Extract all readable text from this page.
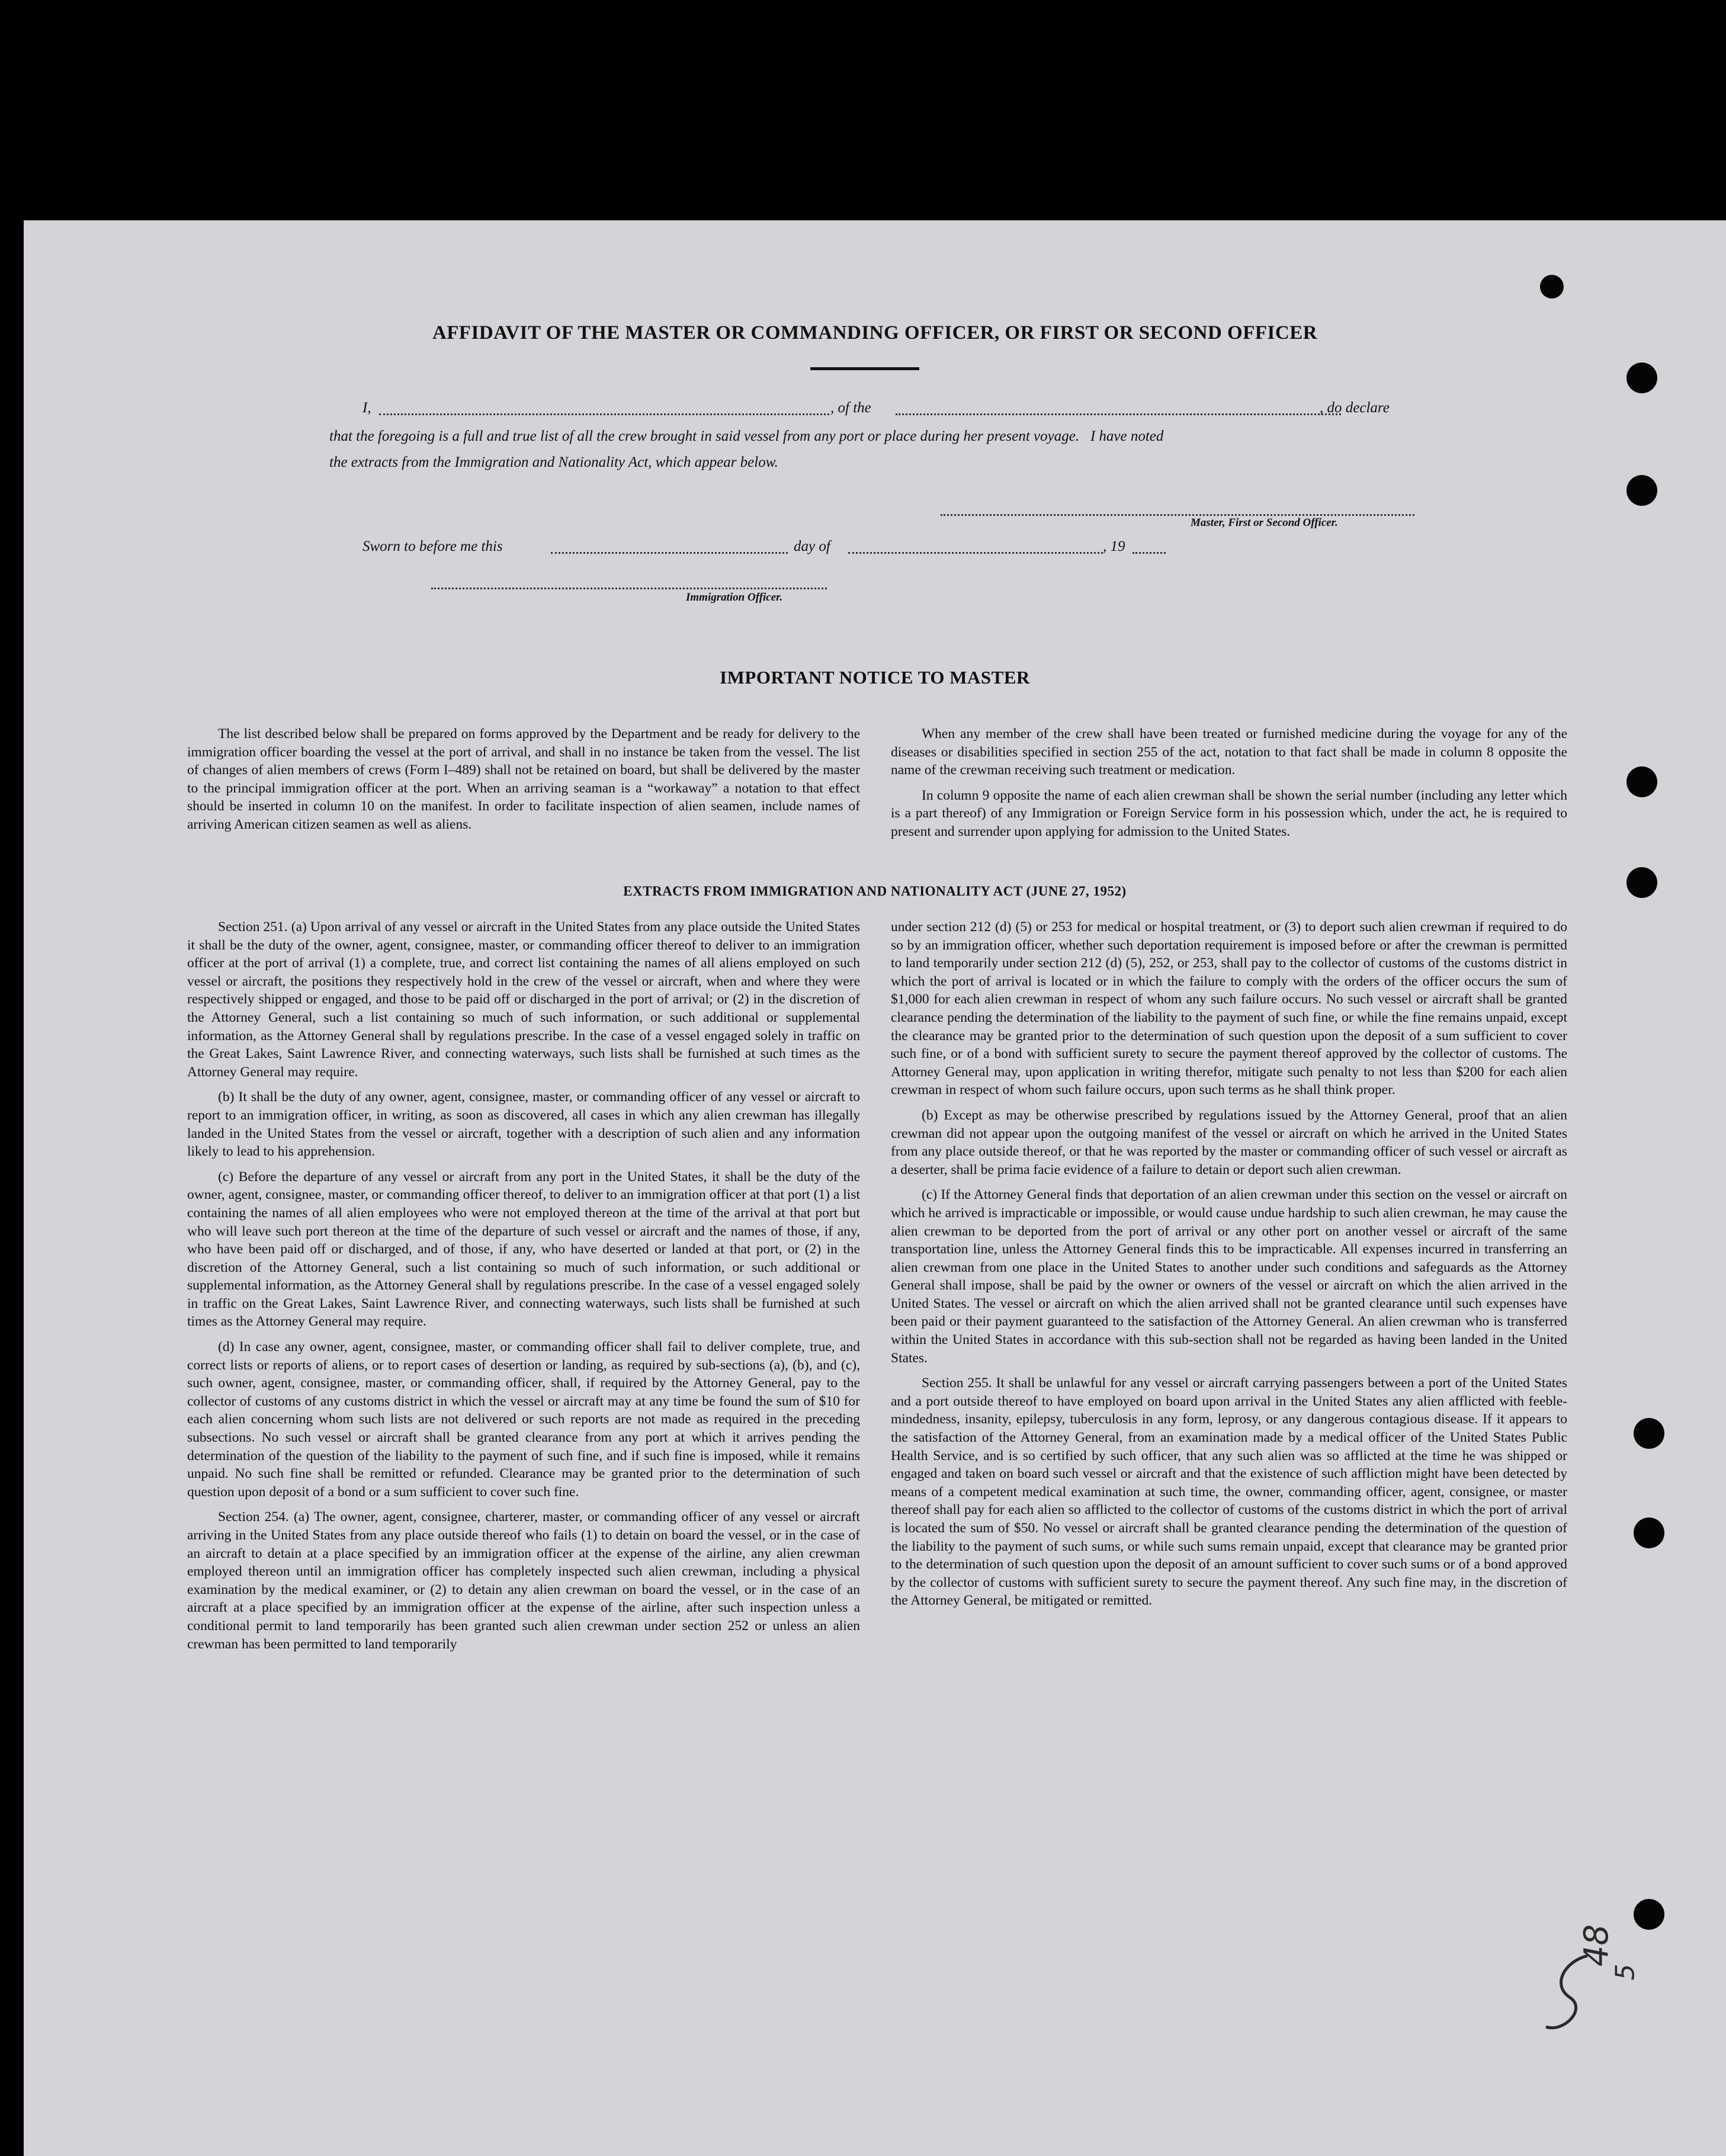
AFFIDAVIT OF THE MASTER OR COMMANDING OFFICER, OR FIRST OR SECOND OFFICER
I,	, of the	, do declare
that the foregoing is a full and true list of all the crew brought in said vessel from any port or place during her present voyage.   I have noted
the extracts from the Immigration and Nationality Act, which appear below.
Master, First or Second Officer.
Sworn to before me this	day of	, 19
Immigration Officer.
IMPORTANT NOTICE TO MASTER

The list described below shall be prepared on forms approved by the Department and be ready for delivery to the immigration officer boarding the vessel at the port of arrival, and shall in no instance be taken from the vessel. The list of changes of alien members of crews (Form I–489) shall not be retained on board, but shall be delivered by the master to the principal immigration officer at the port. When an arriving seaman is a “workaway” a notation to that effect should be inserted in column 10 on the manifest. In order to facilitate inspection of alien seamen, include names of arriving American citizen seamen as well as aliens.

When any member of the crew shall have been treated or furnished medicine during the voyage for any of the diseases or disabilities specified in section 255 of the act, notation to that fact shall be made in column 8 opposite the name of the crewman receiving such treatment or medication.

In column 9 opposite the name of each alien crewman shall be shown the serial number (including any letter which is a part thereof) of any Immigration or Foreign Service form in his possession which, under the act, he is required to present and surrender upon applying for admission to the United States.

EXTRACTS FROM IMMIGRATION AND NATIONALITY ACT (JUNE 27, 1952)

Section 251. (a) Upon arrival of any vessel or aircraft in the United States from any place outside the United States it shall be the duty of the owner, agent, consignee, master, or commanding officer thereof to deliver to an immigration officer at the port of arrival (1) a complete, true, and correct list containing the names of all aliens employed on such vessel or aircraft, the positions they respectively hold in the crew of the vessel or aircraft, when and where they were respectively shipped or engaged, and those to be paid off or discharged in the port of arrival; or (2) in the discretion of the Attorney General, such a list containing so much of such information, or such additional or supplemental information, as the Attorney General shall by regulations prescribe. In the case of a vessel engaged solely in traffic on the Great Lakes, Saint Lawrence River, and connecting waterways, such lists shall be furnished at such times as the Attorney General may require.

(b) It shall be the duty of any owner, agent, consignee, master, or commanding officer of any vessel or aircraft to report to an immigration officer, in writing, as soon as discovered, all cases in which any alien crewman has illegally landed in the United States from the vessel or aircraft, together with a description of such alien and any information likely to lead to his apprehension.

(c) Before the departure of any vessel or aircraft from any port in the United States, it shall be the duty of the owner, agent, consignee, master, or commanding officer thereof, to deliver to an immigration officer at that port (1) a list containing the names of all alien employees who were not employed thereon at the time of the arrival at that port but who will leave such port thereon at the time of the departure of such vessel or aircraft and the names of those, if any, who have been paid off or discharged, and of those, if any, who have deserted or landed at that port, or (2) in the discretion of the Attorney General, such a list containing so much of such information, or such additional or supplemental information, as the Attorney General shall by regulations prescribe. In the case of a vessel engaged solely in traffic on the Great Lakes, Saint Lawrence River, and connecting waterways, such lists shall be furnished at such times as the Attorney General may require.

(d) In case any owner, agent, consignee, master, or commanding officer shall fail to deliver complete, true, and correct lists or reports of aliens, or to report cases of desertion or landing, as required by sub-sections (a), (b), and (c), such owner, agent, consignee, master, or commanding officer, shall, if required by the Attorney General, pay to the collector of customs of any customs district in which the vessel or aircraft may at any time be found the sum of $10 for each alien concerning whom such lists are not delivered or such reports are not made as required in the preceding subsections. No such vessel or aircraft shall be granted clearance from any port at which it arrives pending the determination of the question of the liability to the payment of such fine, and if such fine is imposed, while it remains unpaid. No such fine shall be remitted or refunded. Clearance may be granted prior to the determination of such question upon deposit of a bond or a sum sufficient to cover such fine.

Section 254. (a) The owner, agent, consignee, charterer, master, or commanding officer of any vessel or aircraft arriving in the United States from any place outside thereof who fails (1) to detain on board the vessel, or in the case of an aircraft to detain at a place specified by an immigration officer at the expense of the airline, any alien crewman employed thereon until an immigration officer has completely inspected such alien crewman, including a physical examination by the medical examiner, or (2) to detain any alien crewman on board the vessel, or in the case of an aircraft at a place specified by an immigration officer at the expense of the airline, after such inspection unless a conditional permit to land temporarily has been granted such alien crewman under section 252 or unless an alien crewman has been permitted to land temporarily

under section 212 (d) (5) or 253 for medical or hospital treatment, or (3) to deport such alien crewman if required to do so by an immigration officer, whether such deportation requirement is imposed before or after the crewman is permitted to land temporarily under section 212 (d) (5), 252, or 253, shall pay to the collector of customs of the customs district in which the port of arrival is located or in which the failure to comply with the orders of the officer occurs the sum of $1,000 for each alien crewman in respect of whom any such failure occurs. No such vessel or aircraft shall be granted clearance pending the determination of the liability to the payment of such fine, or while the fine remains unpaid, except the clearance may be granted prior to the determination of such question upon the deposit of a sum sufficient to cover such fine, or of a bond with sufficient surety to secure the payment thereof approved by the collector of customs. The Attorney General may, upon application in writing therefor, mitigate such penalty to not less than $200 for each alien crewman in respect of whom such failure occurs, upon such terms as he shall think proper.

(b) Except as may be otherwise prescribed by regulations issued by the Attorney General, proof that an alien crewman did not appear upon the outgoing manifest of the vessel or aircraft on which he arrived in the United States from any place outside thereof, or that he was reported by the master or commanding officer of such vessel or aircraft as a deserter, shall be prima facie evidence of a failure to detain or deport such alien crewman.

(c) If the Attorney General finds that deportation of an alien crewman under this section on the vessel or aircraft on which he arrived is impracticable or impossible, or would cause undue hardship to such alien crewman, he may cause the alien crewman to be deported from the port of arrival or any other port on another vessel or aircraft of the same transportation line, unless the Attorney General finds this to be impracticable. All expenses incurred in transferring an alien crewman from one place in the United States to another under such conditions and safeguards as the Attorney General shall impose, shall be paid by the owner or owners of the vessel or aircraft on which the alien arrived in the United States. The vessel or aircraft on which the alien arrived shall not be granted clearance until such expenses have been paid or their payment guaranteed to the satisfaction of the Attorney General. An alien crewman who is transferred within the United States in accordance with this sub-section shall not be regarded as having been landed in the United States.

Section 255. It shall be unlawful for any vessel or aircraft carrying passengers between a port of the United States and a port outside thereof to have employed on board upon arrival in the United States any alien afflicted with feeble-mindedness, insanity, epilepsy, tuberculosis in any form, leprosy, or any dangerous contagious disease. If it appears to the satisfaction of the Attorney General, from an examination made by a medical officer of the United States Public Health Service, and is so certified by such officer, that any such alien was so afflicted at the time he was shipped or engaged and taken on board such vessel or aircraft and that the existence of such affliction might have been detected by means of a competent medical examination at such time, the owner, commanding officer, agent, consignee, or master thereof shall pay for each alien so afflicted to the collector of customs of the customs district in which the port of arrival is located the sum of $50. No vessel or aircraft shall be granted clearance pending the determination of the question of the liability to the payment of such sums, or while such sums remain unpaid, except that clearance may be granted prior to the determination of such question upon the deposit of an amount sufficient to cover such sums or of a bond approved by the collector of customs with sufficient surety to secure the payment thereof. Any such fine may, in the discretion of the Attorney General, be mitigated or remitted.

48
5
